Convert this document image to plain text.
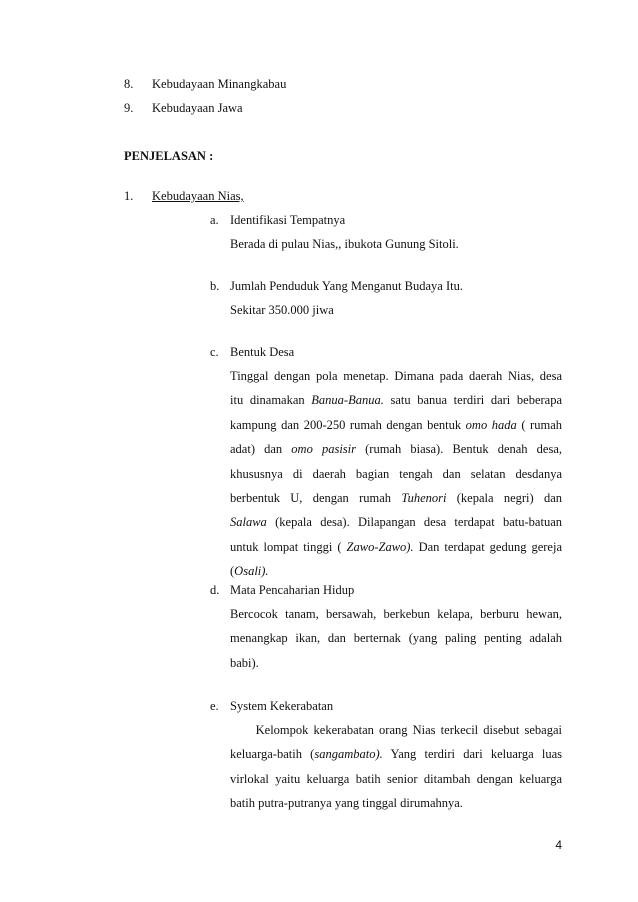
8. Kebudayaan Minangkabau
9. Kebudayaan Jawa
PENJELASAN :
1. Kebudayaan Nias,
a. Identifikasi Tempatnya
Berada di pulau Nias,, ibukota Gunung Sitoli.
b. Jumlah Penduduk Yang Menganut Budaya Itu.
Sekitar 350.000 jiwa
c. Bentuk Desa
Tinggal dengan pola menetap. Dimana pada daerah Nias, desa
itu dinamakan Banua-Banua. satu banua terdiri dari beberapa
kampung dan 200-250 rumah dengan bentuk omo hada ( rumah
adat) dan omo pasisir (rumah biasa). Bentuk denah desa,
khususnya di daerah bagian tengah dan selatan desdanya
berbentuk U, dengan rumah Tuhenori (kepala negri) dan
Salawa (kepala desa). Dilapangan desa terdapat batu-batuan
untuk lompat tinggi ( Zawo-Zawo). Dan terdapat gedung gereja
(Osali).
d. Mata Pencaharian Hidup
Bercocok tanam, bersawah, berkebun kelapa, berburu hewan,
menangkap ikan, dan berternak (yang paling penting adalah
babi).
e. System Kekerabatan
Kelompok kekerabatan orang Nias terkecil disebut sebagai
keluarga-batih (sangambato). Yang terdiri dari keluarga luas
virlokal yaitu keluarga batih senior ditambah dengan keluarga
batih putra-putranya yang tinggal dirumahnya.
4
